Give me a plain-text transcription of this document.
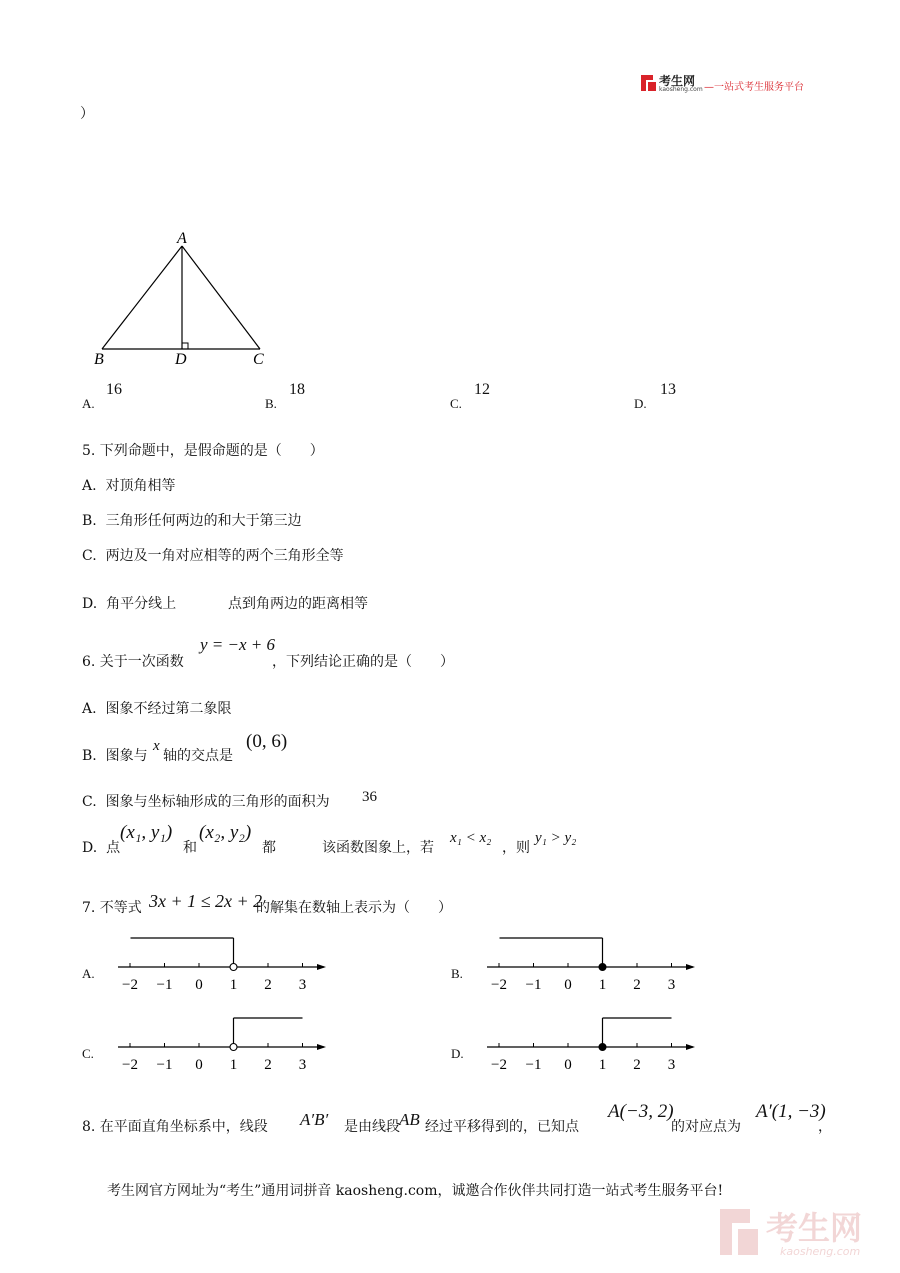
考生网
kaosheng.com —一站式考生服务平台
）
A
B	D	C
A.
16
B.
18
C.
12
D.
13
5. 下列命题中，是假命题的是（　　）
A. 对顶角相等
B. 三角形任何两边的和大于第三边
C. 两边及一角对应相等的两个三角形全等
D. 角平分线上	点到角两边的距离相等
6. 关于一次函数
y = −x + 6
，下列结论正确的是（　　）
A. 图象不经过第二象限
B. 图象与
x
轴的交点是
(0, 6)
C. 图象与坐标轴形成的三角形的面积为 36
D. 点
(x₁, y₁)
和
(x₂, y₂)
都	该函数图象上，若
x₁ < x₂
，则
y₁ > y₂
7. 不等式 3x + 1 ≤ 2x + 2
的解集在数轴上表示为（　　）
A.	B.
C.	D.
−2 −1 0 1 2 3	−2 −1 0 1 2 3
−2 −1 0 1 2 3	−2 −1 0 1 2 3
8. 在平面直角坐标系中，线段 A′B′ 是由线段 AB 经过平移得到的，已知点
A(−3, 2)
的对应点为
A′(1, −3)
，
考生网官方网址为“考生”通用词拼音 kaosheng.com，诚邀合作伙伴共同打造一站式考生服务平台!
考生网
kaosheng.com
